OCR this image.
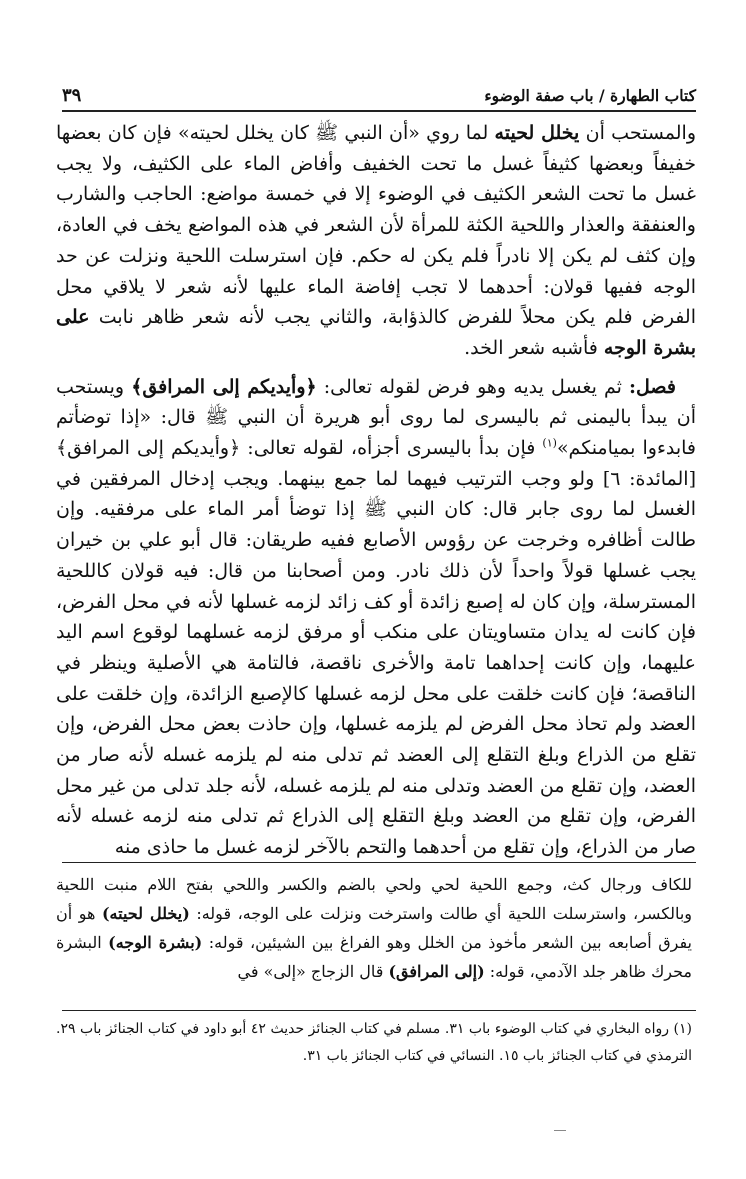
كتاب الطهارة / باب صفة الوضوء
٣٩

والمستحب أن يخلل لحيته لما روي «أن النبي ﷺ كان يخلل لحيته» فإن كان بعضها خفيفاً وبعضها كثيفاً غسل ما تحت الخفيف وأفاض الماء على الكثيف، ولا يجب غسل ما تحت الشعر الكثيف في الوضوء إلا في خمسة مواضع: الحاجب والشارب والعنفقة والعذار واللحية الكثة للمرأة لأن الشعر في هذه المواضع يخف في العادة، وإن كثف لم يكن إلا نادراً فلم يكن له حكم. فإن استرسلت اللحية ونزلت عن حد الوجه ففيها قولان: أحدهما لا تجب إفاضة الماء عليها لأنه شعر لا يلاقي محل الفرض فلم يكن محلاً للفرض كالذؤابة، والثاني يجب لأنه شعر ظاهر نابت على بشرة الوجه فأشبه شعر الخد.

فصل: ثم يغسل يديه وهو فرض لقوله تعالى: ﴿وأيديكم إلى المرافق﴾ ويستحب أن يبدأ باليمنى ثم باليسرى لما روى أبو هريرة أن النبي ﷺ قال: «إذا توضأتم فابدءوا بميامنكم»$^{(١)}$ فإن بدأ باليسرى أجزأه، لقوله تعالى: ﴿وأيديكم إلى المرافق﴾ [المائدة: ٦] ولو وجب الترتيب فيهما لما جمع بينهما. ويجب إدخال المرفقين في الغسل لما روى جابر قال: كان النبي ﷺ إذا توضأ أمر الماء على مرفقيه. وإن طالت أظافره وخرجت عن رؤوس الأصابع ففيه طريقان: قال أبو علي بن خيران يجب غسلها قولاً واحداً لأن ذلك نادر. ومن أصحابنا من قال: فيه قولان كاللحية المسترسلة، وإن كان له إصبع زائدة أو كف زائد لزمه غسلها لأنه في محل الفرض، فإن كانت له يدان متساويتان على منكب أو مرفق لزمه غسلهما لوقوع اسم اليد عليهما، وإن كانت إحداهما تامة والأخرى ناقصة، فالتامة هي الأصلية وينظر في الناقصة؛ فإن كانت خلقت على محل لزمه غسلها كالإصبع الزائدة، وإن خلقت على العضد ولم تحاذ محل الفرض لم يلزمه غسلها، وإن حاذت بعض محل الفرض، وإن تقلع من الذراع وبلغ التقلع إلى العضد ثم تدلى منه لم يلزمه غسله لأنه صار من العضد، وإن تقلع من العضد وتدلى منه لم يلزمه غسله، لأنه جلد تدلى من غير محل الفرض، وإن تقلع من العضد وبلغ التقلع إلى الذراع ثم تدلى منه لزمه غسله لأنه صار من الذراع، وإن تقلع من أحدهما والتحم بالآخر لزمه غسل ما حاذى منه

للكاف ورجال كث، وجمع اللحية لحي ولحي بالضم والكسر واللحي بفتح اللام منبت اللحية وبالكسر، واسترسلت اللحية أي طالت واسترخت ونزلت على الوجه، قوله: (يخلل لحيته) هو أن يفرق أصابعه بين الشعر مأخوذ من الخلل وهو الفراغ بين الشيئين، قوله: (بشرة الوجه) البشرة محرك ظاهر جلد الآدمي، قوله: (إلى المرافق) قال الزجاج «إلى» في
(١) رواه البخاري في كتاب الوضوء باب ٣١. مسلم في كتاب الجنائز حديث ٤٢ أبو داود في كتاب الجنائز باب ٢٩. الترمذي في كتاب الجنائز باب ١٥. النسائي في كتاب الجنائز باب ٣١.
